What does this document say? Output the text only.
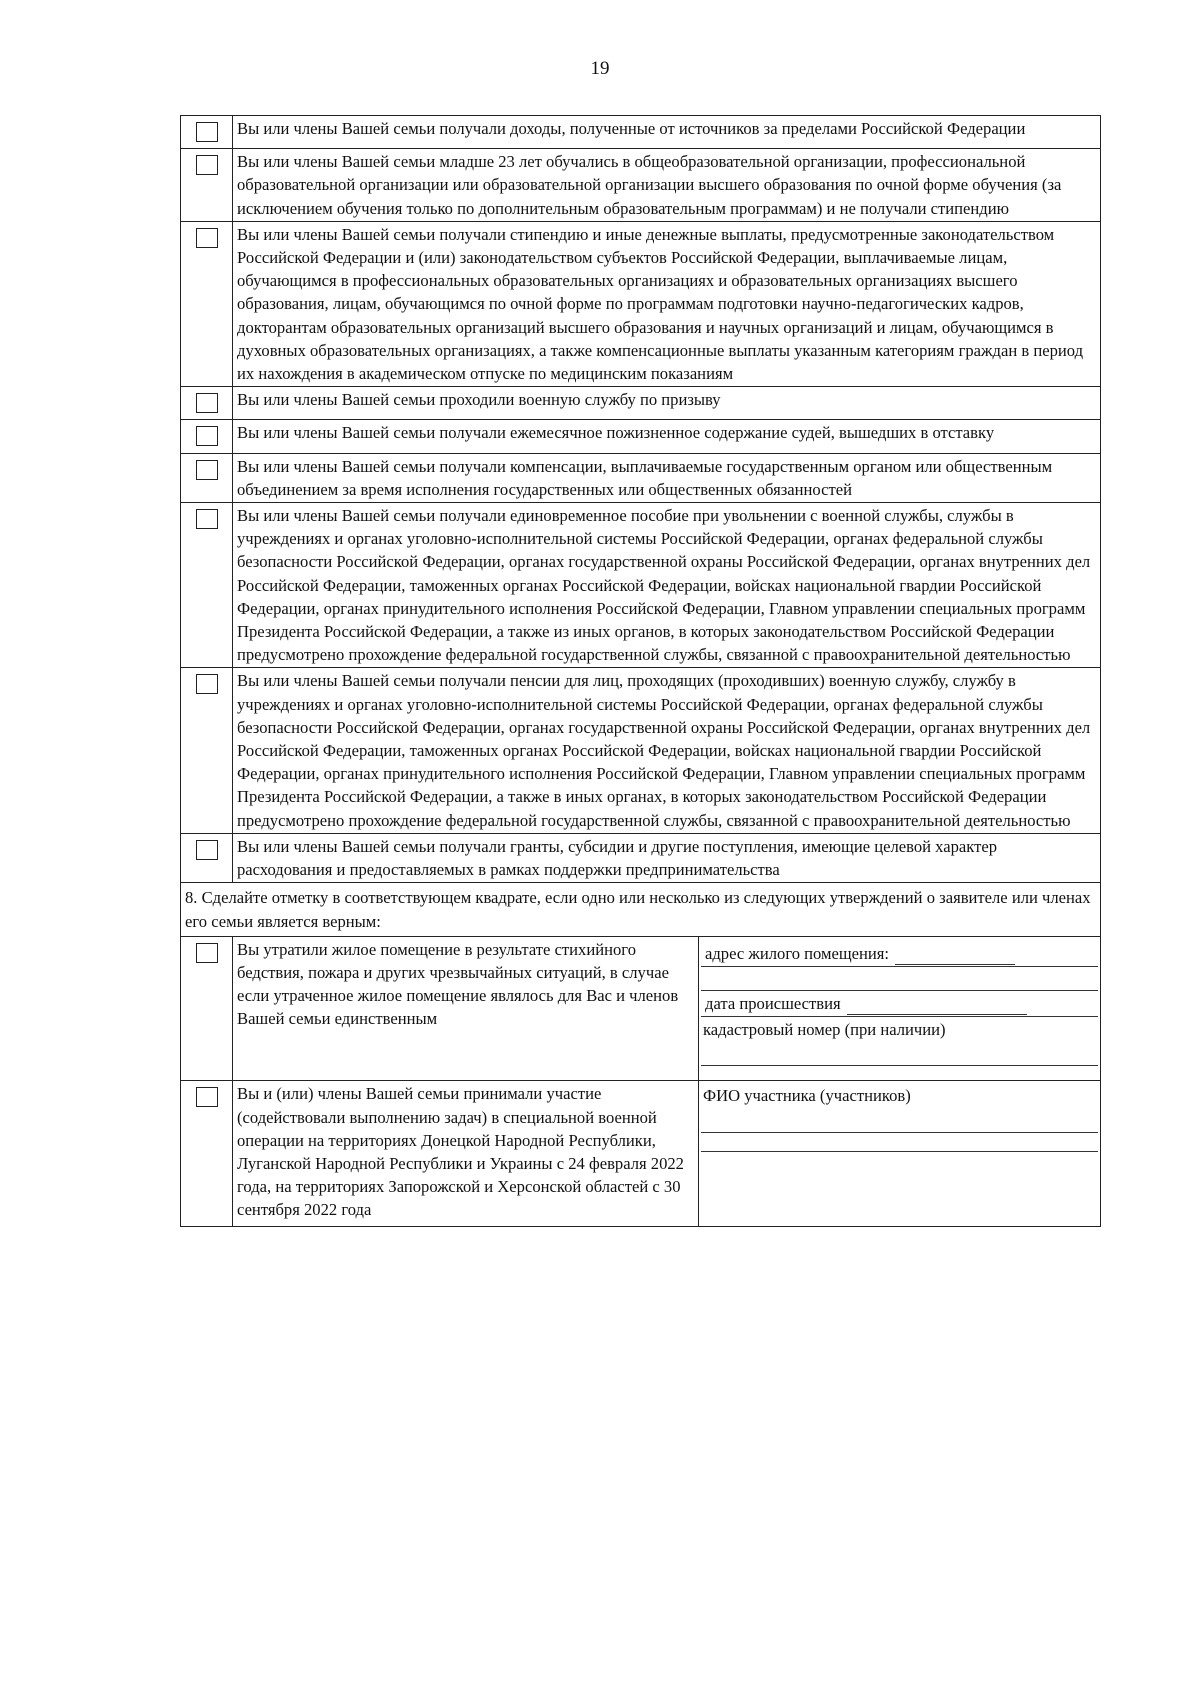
19
	Вы или члены Вашей семьи получали доходы, полученные от источников за пределами Российской Федерации	
	Вы или члены Вашей семьи младше 23 лет обучались в общеобразовательной организации, профессиональной образовательной организации или образовательной организации высшего образования по очной форме обучения (за исключением обучения только по дополнительным образовательным программам) и не получали стипендию	
	Вы или члены Вашей семьи получали стипендию и иные денежные выплаты, предусмотренные законодательством Российской Федерации и (или) законодательством субъектов Российской Федерации, выплачиваемые лицам, обучающимся в профессиональных образовательных организациях и образовательных организациях высшего образования, лицам, обучающимся по очной форме по программам подготовки научно-педагогических кадров, докторантам образовательных организаций высшего образования и научных организаций и лицам, обучающимся в духовных образовательных организациях, а также компенсационные выплаты указанным категориям граждан в период их нахождения в академическом отпуске по медицинским показаниям	
	Вы или члены Вашей семьи проходили военную службу по призыву	
	Вы или члены Вашей семьи получали ежемесячное пожизненное содержание судей, вышедших в отставку	
	Вы или члены Вашей семьи получали компенсации, выплачиваемые государственным органом или общественным объединением за время исполнения государственных или общественных обязанностей	
	Вы или члены Вашей семьи получали единовременное пособие при увольнении с военной службы, службы в учреждениях и органах уголовно-исполнительной системы Российской Федерации, органах федеральной службы безопасности Российской Федерации, органах государственной охраны Российской Федерации, органах внутренних дел Российской Федерации, таможенных органах Российской Федерации, войсках национальной гвардии Российской Федерации, органах принудительного исполнения Российской Федерации, Главном управлении специальных программ Президента Российской Федерации, а также из иных органов, в которых законодательством Российской Федерации предусмотрено прохождение федеральной государственной службы, связанной с правоохранительной деятельностью	
	Вы или члены Вашей семьи получали пенсии для лиц, проходящих (проходивших) военную службу, службу в учреждениях и органах уголовно-исполнительной системы Российской Федерации, органах федеральной службы безопасности Российской Федерации, органах государственной охраны Российской Федерации, органах внутренних дел Российской Федерации, таможенных органах Российской Федерации, войсках национальной гвардии Российской Федерации, органах принудительного исполнения Российской Федерации, Главном управлении специальных программ Президента Российской Федерации, а также в иных органах, в которых законодательством Российской Федерации предусмотрено прохождение федеральной государственной службы, связанной с правоохранительной деятельностью	
	Вы или члены Вашей семьи получали гранты, субсидии и другие поступления, имеющие целевой характер расходования и предоставляемых в рамках поддержки предпринимательства	
8. Сделайте отметку в соответствующем квадрате, если одно или несколько из следующих утверждений о заявителе или членах его семьи является верным:		
	Вы утратили жилое помещение в результате стихийного бедствия, пожара и других чрезвычайных ситуаций, в случае если утраченное жилое помещение являлось для Вас и членов Вашей семьи единственным	адрес жилого помещения:
дата происшествия
кадастровый номер (при наличии)

	Вы и (или) члены Вашей семьи принимали участие (содействовали выполнению задач) в специальной военной операции на территориях Донецкой Народной Республики, Луганской Народной Республики и Украины с 24 февраля 2022 года, на территориях Запорожской и Херсонской областей с 30 сентября 2022 года	ФИО участника (участников)
